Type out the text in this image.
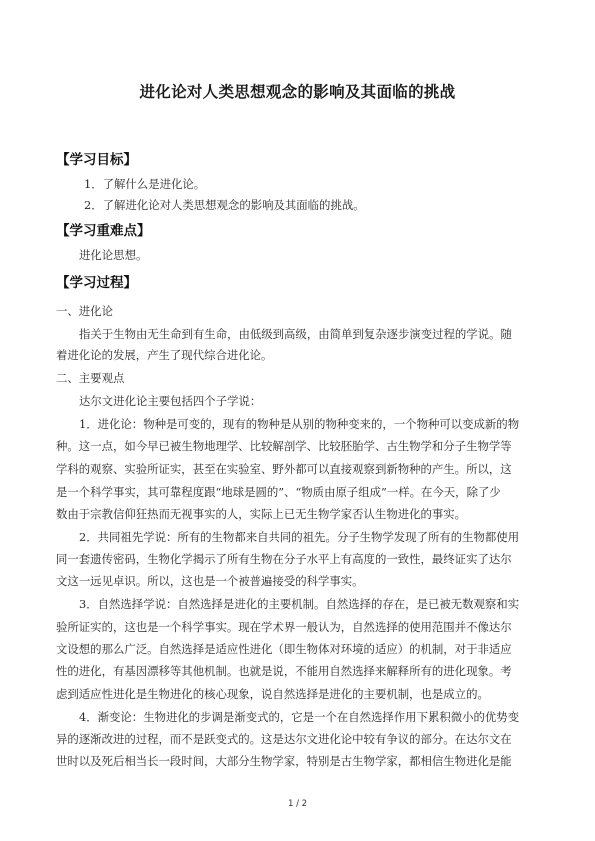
进化论对人类思想观念的影响及其面临的挑战
【学习目标】
1．了解什么是进化论。
2．了解进化论对人类思想观念的影响及其面临的挑战。
【学习重难点】
进化论思想。
【学习过程】
一、进化论
指关于生物由无生命到有生命，由低级到高级，由简单到复杂逐步演变过程的学说。随
着进化论的发展，产生了现代综合进化论。
二、主要观点
达尔文进化论主要包括四个子学说：
1．进化论：物种是可变的，现有的物种是从别的物种变来的，一个物种可以变成新的物
种。这一点，如今早已被生物地理学、比较解剖学、比较胚胎学、古生物学和分子生物学等
学科的观察、实验所证实，甚至在实验室、野外都可以直接观察到新物种的产生。所以，这
是一个科学事实，其可靠程度跟“地球是圆的”、“物质由原子组成”一样。在今天，除了少
数由于宗教信仰狂热而无视事实的人，实际上已无生物学家否认生物进化的事实。
2．共同祖先学说：所有的生物都来自共同的祖先。分子生物学发现了所有的生物都使用
同一套遗传密码，生物化学揭示了所有生物在分子水平上有高度的一致性，最终证实了达尔
文这一远见卓识。所以，这也是一个被普遍接受的科学事实。
3．自然选择学说：自然选择是进化的主要机制。自然选择的存在，是已被无数观察和实
验所证实的，这也是一个科学事实。现在学术界一般认为，自然选择的使用范围并不像达尔
文设想的那么广泛。自然选择是适应性进化（即生物体对环境的适应）的机制，对于非适应
性的进化，有基因漂移等其他机制。也就是说，不能用自然选择来解释所有的进化现象。考
虑到适应性进化是生物进化的核心现象，说自然选择是进化的主要机制，也是成立的。
4．渐变论：生物进化的步调是渐变式的，它是一个在自然选择作用下累积微小的优势变
异的逐渐改进的过程，而不是跃变式的。这是达尔文进化论中较有争议的部分。在达尔文在
世时以及死后相当长一段时间，大部分生物学家，特别是古生物学家，都相信生物进化是能
1 / 2
